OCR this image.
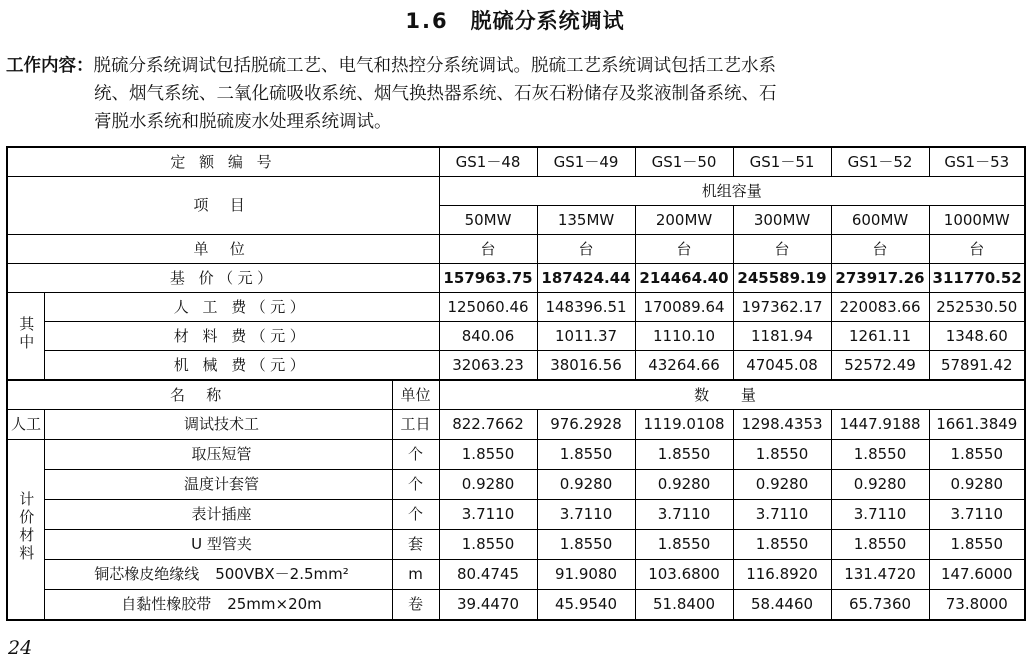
1.6 脱硫分系统调试
工作内容：脱硫分系统调试包括脱硫工艺、电气和热控分系统调试。脱硫工艺系统调试包括工艺水系
统、烟气系统、二氧化硫吸收系统、烟气换热器系统、石灰石粉储存及浆液制备系统、石
膏脱水系统和脱硫废水处理系统调试。
定 额 编 号			GS1－48	GS1－49	GS1－50	GS1－51	GS1－52	GS1－53
项 目			机组容量					
			50MW	135MW	200MW	300MW	600MW	1000MW
单 位			台	台	台	台	台	台
基 价（元）			157963.75	187424.44	214464.40	245589.19	273917.26	311770.52
其中	人 工 费（元）		125060.46	148396.51	170089.64	197362.17	220083.66	252530.50
	材 料 费（元）		840.06	1011.37	1110.10	1181.94	1261.11	1348.60
	机 械 费（元）		32063.23	38016.56	43264.66	47045.08	52572.49	57891.42
名 称		单位	数 量					
人工	调试技术工	工日	822.7662	976.2928	1119.0108	1298.4353	1447.9188	1661.3849
计价材料	取压短管	个	1.8550	1.8550	1.8550	1.8550	1.8550	1.8550
	温度计套管	个	0.9280	0.9280	0.9280	0.9280	0.9280	0.9280
	表计插座	个	3.7110	3.7110	3.7110	3.7110	3.7110	3.7110
	U 型管夹	套	1.8550	1.8550	1.8550	1.8550	1.8550	1.8550
	铜芯橡皮绝缘线 500VBX－2.5mm²	m	80.4745	91.9080	103.6800	116.8920	131.4720	147.6000
	自黏性橡胶带 25mm×20m	卷	39.4470	45.9540	51.8400	58.4460	65.7360	73.8000
24
